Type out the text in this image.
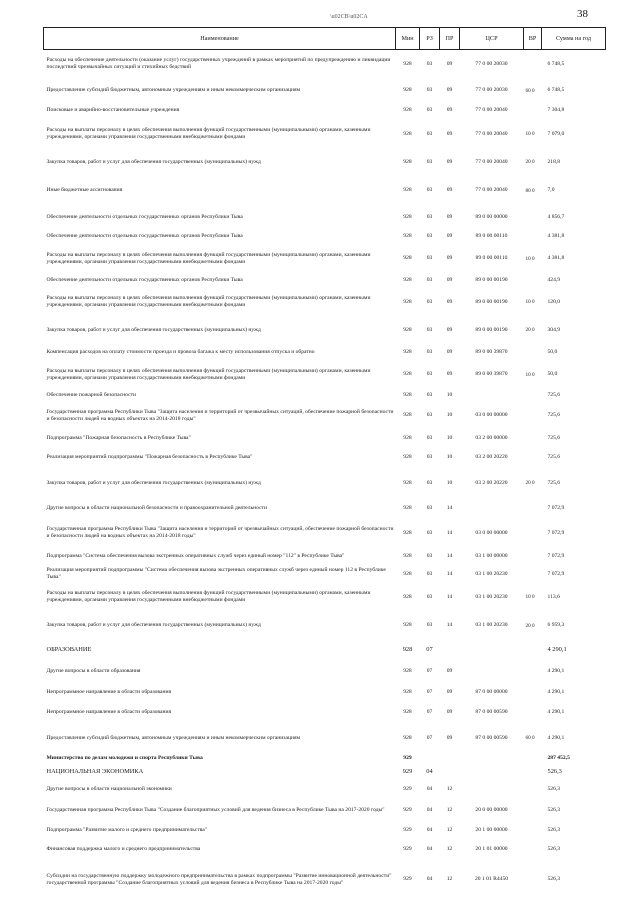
38
\u02CB\u02CA
Наименование	Мин	РЗ	ПР	ЦСР	ВР	Сумма на год
Расходы на обеспечение деятельности (оказание услуг) государственных учреждений в рамках мероприятий по предупреждению и ликвидации последствий чрезвычайных ситуаций и стихийных бедствий	928	03	09	77 0 00 20030		6 748,5
Предоставление субсидий бюджетным, автономным учреждениям и иным некоммерческим организациям	928	03	09	77 0 00 20030	60 0	6 748,5
Поисковые и аварийно-восстановительные учреждения	928	03	09	77 0 00 20040		7 304,8
Расходы на выплаты персоналу в целях обеспечения выполнения функций государственными (муниципальными) органами, казенными учреждениями, органами управления государственными внебюджетными фондами	928	03	09	77 0 00 20040	10 0	7 079,0
Закупка товаров, работ и услуг для обеспечения государственных (муниципальных) нужд	928	03	09	77 0 00 20040	20 0	218,8
Иные бюджетные ассигнования	928	03	09	77 0 00 20040	80 0	7,0
Обеспечение деятельности отдельных государственных органов Республики Тыва	928	03	09	89 0 00 00000		4 856,7
Обеспечение деятельности отдельных государственных органов Республики Тыва	928	03	09	89 0 00 00110		4 381,8
Расходы на выплаты персоналу в целях обеспечения выполнения функций государственными (муниципальными) органами, казенными учреждениями, органами управления государственными внебюджетными фондами	928	03	09	89 0 00 00110	10 0	4 381,8
Обеспечение деятельности отдельных государственных органов Республики Тыва	928	03	09	89 0 00 00190		424,9
Расходы на выплаты персоналу в целях обеспечения выполнения функций государственными (муниципальными) органами, казенными учреждениями, органами управления государственными внебюджетными фондами	928	03	09	89 0 00 00190	10 0	120,0
Закупка товаров, работ и услуг для обеспечения государственных (муниципальных) нужд	928	03	09	89 0 00 00190	20 0	304,9
Компенсация расходов на оплату стоимости проезда и провоза багажа к месту использования отпуска и обратно	928	03	09	89 0 00 39870		50,0
Расходы на выплаты персоналу в целях обеспечения выполнения функций государственными (муниципальными) органами, казенными учреждениями, органами управления государственными внебюджетными фондами	928	03	09	89 0 00 39870	10 0	50,0
Обеспечение пожарной безопасности	928	03	10			725,6
Государственная программа Республики Тыва "Защита населения и территорий от чрезвычайных ситуаций, обеспечение пожарной безопасности и безопасности людей на водных объектах на 2014-2018 годы"	928	03	10	03 0 00 00000		725,6
Подпрограмма "Пожарная безопасность в Республике Тыва"	928	03	10	03 2 00 00000		725,6
Реализация мероприятий подпрограммы "Пожарная безопасность в Республике Тыва"	928	03	10	03 2 00 20220		725,6
Закупка товаров, работ и услуг для обеспечения государственных (муниципальных) нужд	928	03	10	03 2 00 20220	20 0	725,6
Другие вопросы в области национальной безопасности и правоохранительной деятельности	928	03	14			7 072,9
Государственная программа Республики Тыва "Защита населения и территорий от чрезвычайных ситуаций, обеспечение пожарной безопасности и безопасности людей на водных объектах на 2014-2018 годы"	928	03	14	03 0 00 00000		7 072,9
Подпрограмма "Система обеспечения вызова экстренных оперативных служб через единый номер "112" в Республике Тыва"	928	03	14	03 1 00 00000		7 072,9
Реализация мероприятий подпрограммы "Система обеспечения вызова экстренных оперативных служб через единый номер 112 в Республике Тыва"	928	03	14	03 1 00 20230		7 072,9
Расходы на выплаты персоналу в целях обеспечения выполнения функций государственными (муниципальными) органами, казенными учреждениями, органами управления государственными внебюджетными фондами	928	03	14	03 1 00 20230	10 0	113,6
Закупка товаров, работ и услуг для обеспечения государственных (муниципальных) нужд	928	03	14	03 1 00 20230	20 0	6 959,3
ОБРАЗОВАНИЕ	928	07				4 290,1
Другие вопросы в области образования	928	07	09			4 290,1
Непрограммное направление в области образования	928	07	09	87 0 00 00000		4 290,1
Непрограммное направление в области образования	928	07	09	87 0 00 00590		4 290,1
Предоставление субсидий бюджетным, автономным учреждениям и иным некоммерческим организациям	928	07	09	87 0 00 00590	60 0	4 290,1
Министерство по делам молодежи и спорта Республики Тыва	929					287 452,5
НАЦИОНАЛЬНАЯ ЭКОНОМИКА	929	04				526,3
Другие вопросы в области национальной экономики	929	04	12			526,3
Государственная программа Республики Тыва "Создание благоприятных условий для ведения бизнеса в Республике Тыва на 2017-2020 годы"	929	04	12	20 0 00 00000		526,3
Подпрограмма "Развитие малого и среднего предпринимательства"	929	04	12	20 1 00 00000		526,3
Финансовая поддержка малого и среднего предпринимательства	929	04	12	20 1 01 00000		526,3
Субсидии на государственную поддержку молодежного предпринимательства в рамках подпрограммы "Развитие инновационной деятельности" государственной программы "Создание благоприятных условий для ведения бизнеса в Республике Тыва на 2017-2020 годы"	929	04	12	20 1 01 R4450		526,3
